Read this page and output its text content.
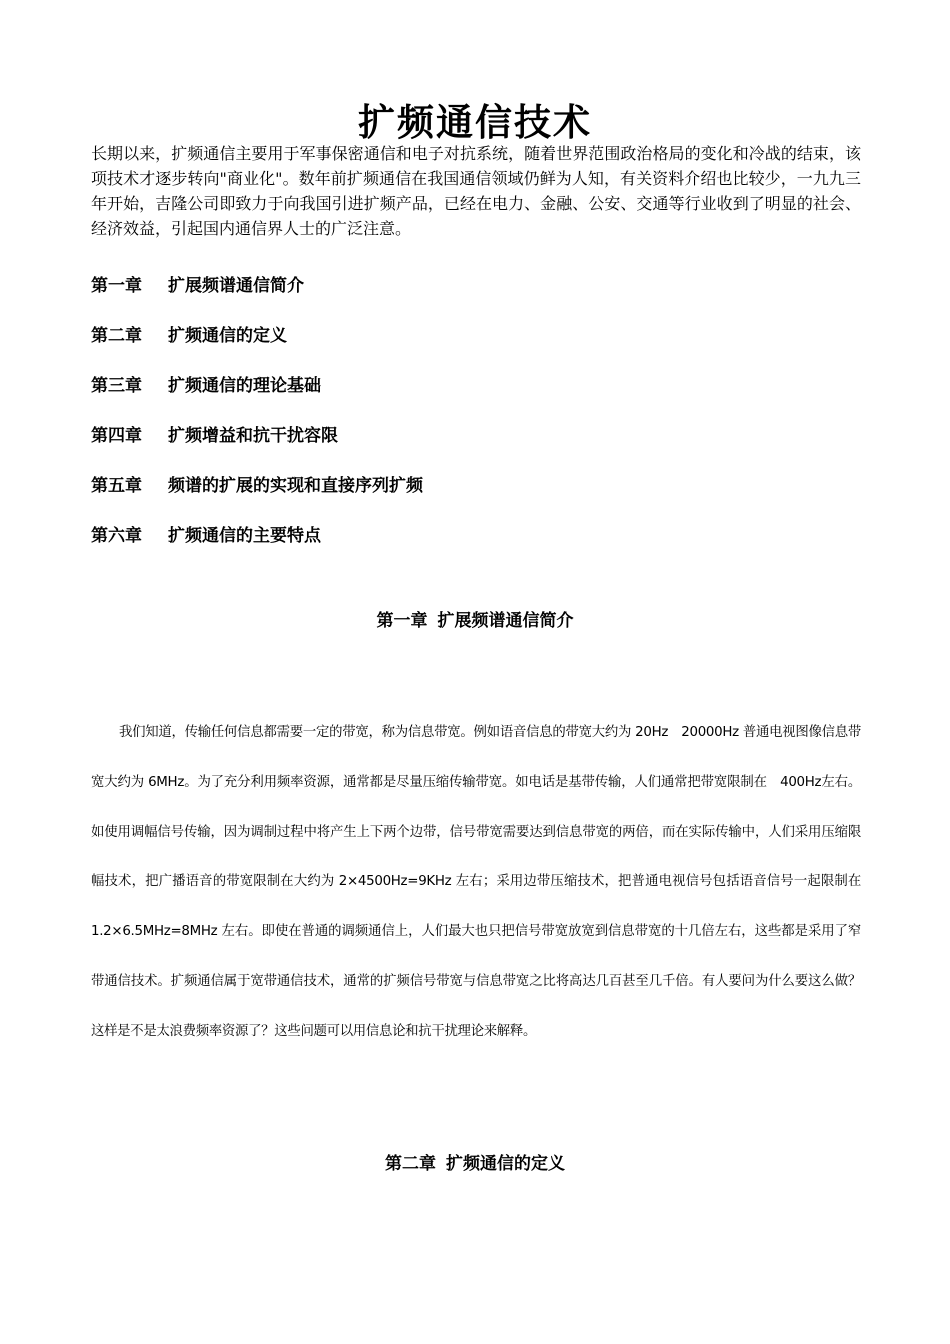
扩频通信技术

长期以来，扩频通信主要用于军事保密通信和电子对抗系统，随着世界范围政治格局的变化和冷战的结束，该项技术才逐步转向"商业化"。数年前扩频通信在我国通信领域仍鲜为人知，有关资料介绍也比较少，一九九三年开始，吉隆公司即致力于向我国引进扩频产品，已经在电力、金融、公安、交通等行业收到了明显的社会、经济效益，引起国内通信界人士的广泛注意。

第一章 扩展频谱通信简介
第二章 扩频通信的定义
第三章 扩频通信的理论基础
第四章 扩频增益和抗干扰容限
第五章 频谱的扩展的实现和直接序列扩频
第六章 扩频通信的主要特点
第一章 扩展频谱通信简介

我们知道，传输任何信息都需要一定的带宽，称为信息带宽。例如语音信息的带宽大约为 20Hz　20000Hz 普通电视图像信息带宽大约为 6MHz。为了充分利用频率资源，通常都是尽量压缩传输带宽。如电话是基带传输，人们通常把带宽限制在　400Hz左右。如使用调幅信号传输，因为调制过程中将产生上下两个边带，信号带宽需要达到信息带宽的两倍，而在实际传输中，人们采用压缩限幅技术，把广播语音的带宽限制在大约为 2×4500Hz=9KHz 左右；采用边带压缩技术，把普通电视信号包括语音信号一起限制在 1.2×6.5MHz=8MHz 左右。即使在普通的调频通信上，人们最大也只把信号带宽放宽到信息带宽的十几倍左右，这些都是采用了窄带通信技术。扩频通信属于宽带通信技术，通常的扩频信号带宽与信息带宽之比将高达几百甚至几千倍。有人要问为什么要这么做？这样是不是太浪费频率资源了？这些问题可以用信息论和抗干扰理论来解释。

第二章 扩频通信的定义
